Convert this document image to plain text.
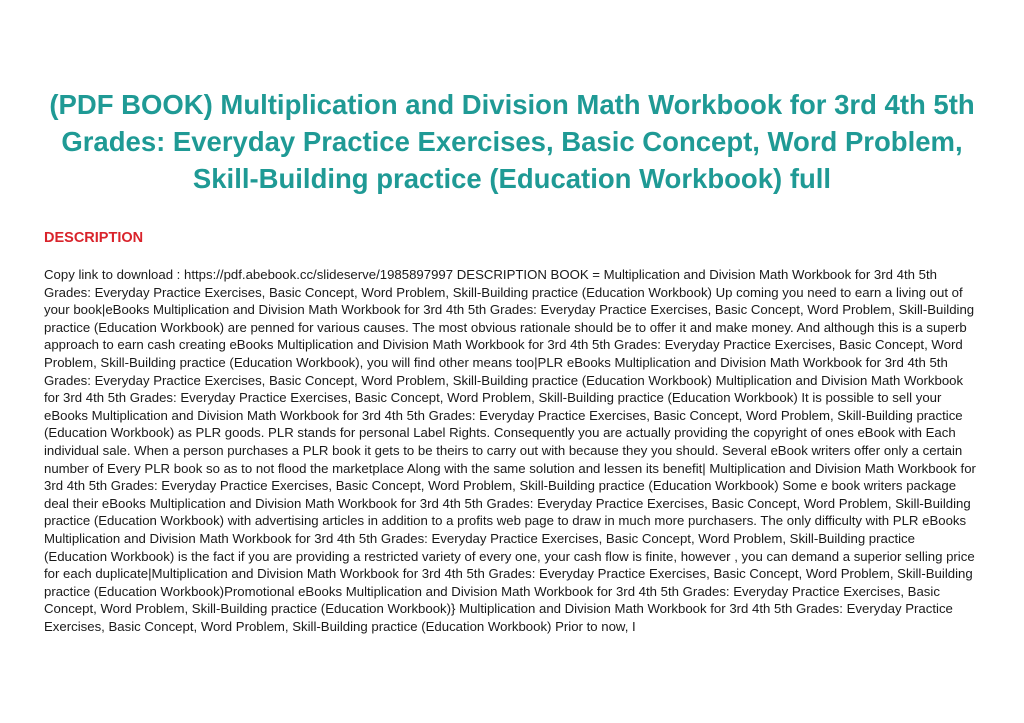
(PDF BOOK) Multiplication and Division Math Workbook for 3rd 4th 5th Grades: Everyday Practice Exercises, Basic Concept, Word Problem, Skill-Building practice (Education Workbook) full
DESCRIPTION

Copy link to download : https://pdf.abebook.cc/slideserve/1985897997 DESCRIPTION BOOK = Multiplication and Division Math Workbook for 3rd 4th 5th Grades: Everyday Practice Exercises, Basic Concept, Word Problem, Skill-Building practice (Education Workbook) Up coming you need to earn a living out of your book|eBooks Multiplication and Division Math Workbook for 3rd 4th 5th Grades: Everyday Practice Exercises, Basic Concept, Word Problem, Skill-Building practice (Education Workbook) are penned for various causes. The most obvious rationale should be to offer it and make money. And although this is a superb approach to earn cash creating eBooks Multiplication and Division Math Workbook for 3rd 4th 5th Grades: Everyday Practice Exercises, Basic Concept, Word Problem, Skill-Building practice (Education Workbook), you will find other means too|PLR eBooks Multiplication and Division Math Workbook for 3rd 4th 5th Grades: Everyday Practice Exercises, Basic Concept, Word Problem, Skill-Building practice (Education Workbook) Multiplication and Division Math Workbook for 3rd 4th 5th Grades: Everyday Practice Exercises, Basic Concept, Word Problem, Skill-Building practice (Education Workbook) It is possible to sell your eBooks Multiplication and Division Math Workbook for 3rd 4th 5th Grades: Everyday Practice Exercises, Basic Concept, Word Problem, Skill-Building practice (Education Workbook) as PLR goods. PLR stands for personal Label Rights. Consequently you are actually providing the copyright of ones eBook with Each individual sale. When a person purchases a PLR book it gets to be theirs to carry out with because they you should. Several eBook writers offer only a certain number of Every PLR book so as to not flood the marketplace Along with the same solution and lessen its benefit| Multiplication and Division Math Workbook for 3rd 4th 5th Grades: Everyday Practice Exercises, Basic Concept, Word Problem, Skill-Building practice (Education Workbook) Some e book writers package deal their eBooks Multiplication and Division Math Workbook for 3rd 4th 5th Grades: Everyday Practice Exercises, Basic Concept, Word Problem, Skill-Building practice (Education Workbook) with advertising articles in addition to a profits web page to draw in much more purchasers. The only difficulty with PLR eBooks Multiplication and Division Math Workbook for 3rd 4th 5th Grades: Everyday Practice Exercises, Basic Concept, Word Problem, Skill-Building practice (Education Workbook) is the fact if you are providing a restricted variety of every one, your cash flow is finite, however , you can demand a superior selling price for each duplicate|Multiplication and Division Math Workbook for 3rd 4th 5th Grades: Everyday Practice Exercises, Basic Concept, Word Problem, Skill-Building practice (Education Workbook)Promotional eBooks Multiplication and Division Math Workbook for 3rd 4th 5th Grades: Everyday Practice Exercises, Basic Concept, Word Problem, Skill-Building practice (Education Workbook)} Multiplication and Division Math Workbook for 3rd 4th 5th Grades: Everyday Practice Exercises, Basic Concept, Word Problem, Skill-Building practice (Education Workbook) Prior to now, I
